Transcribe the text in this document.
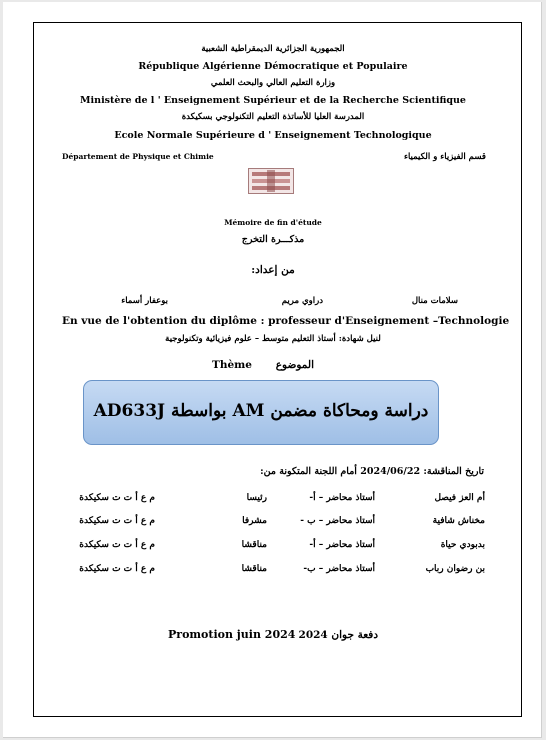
الجمهورية الجزائرية الديمقراطية الشعبية
République Algérienne Démocratique et Populaire
وزارة التعليم العالي والبحث العلمي
Ministère de l ' Enseignement Supérieur et de la Recherche Scientifique
المدرسة العليا للأساتذة التعليم التكنولوجي بسكيكدة
Ecole Normale Supérieure d ' Enseignement Technologique
Département de Physique et Chimie	قسم الفيزياء و الكيمياء
Mémoire de fin d'étude
مذكـــرة التخرج
من إعداد:
سلامات منال
دراوي مريم
بوعفار أسماء
En vue de l'obtention du diplôme : professeur d'Enseignement –Technologie
لنيل شهادة: أستاذ التعليم متوسط – علوم فيزيائية وتكنولوجية
الموضوع
Thème
دراسة ومحاكاة مضمن AM بواسطة AD633J
تاريخ المناقشة: 2024/06/22 أمام اللجنة المتكونة من:
أم العز فيصل
أستاذ محاضر – أ-
رئيسا
م ع أ ت ت سكيكدة
مخناش شافية
أستاذ محاضر – ب -
مشرفا
م ع أ ت ت سكيكدة
بدبودي حياة
أستاذ محاضر – أ-
مناقشا
م ع أ ت ت سكيكدة
بن رضوان رباب
أستاذ محاضر – ب-
مناقشا
م ع أ ت ت سكيكدة
Promotion juin 2024 دفعة جوان 2024
